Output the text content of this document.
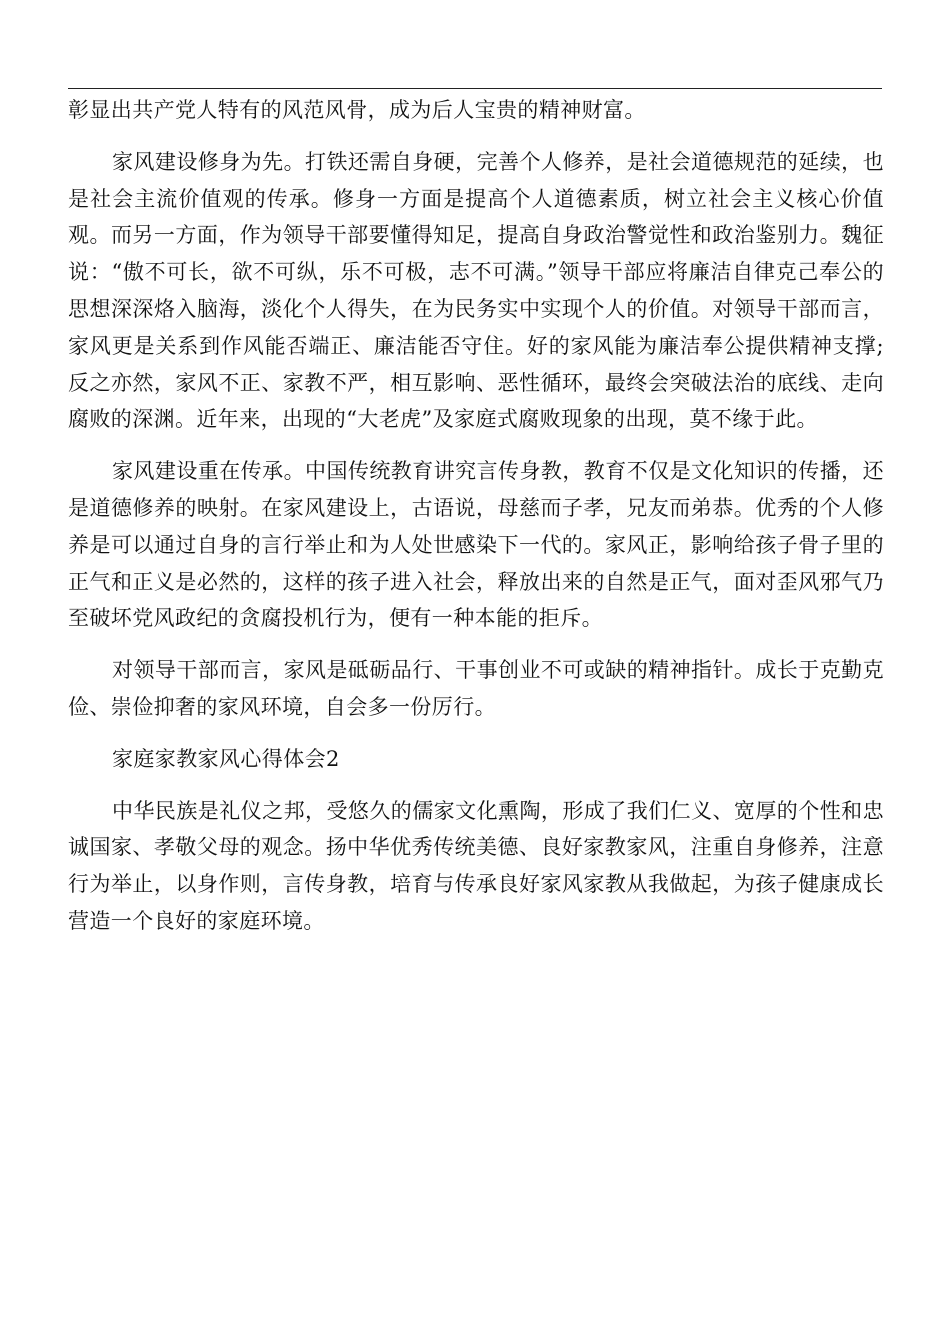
彰显出共产党人特有的风范风骨，成为后人宝贵的精神财富。

家风建设修身为先。打铁还需自身硬，完善个人修养，是社会道德规范的延续，也是社会主流价值观的传承。修身一方面是提高个人道德素质，树立社会主义核心价值观。而另一方面，作为领导干部要懂得知足，提高自身政治警觉性和政治鉴别力。魏征说：“傲不可长，欲不可纵，乐不可极，志不可满。”领导干部应将廉洁自律克己奉公的思想深深烙入脑海，淡化个人得失，在为民务实中实现个人的价值。对领导干部而言，家风更是关系到作风能否端正、廉洁能否守住。好的家风能为廉洁奉公提供精神支撑;反之亦然，家风不正、家教不严，相互影响、恶性循环，最终会突破法治的底线、走向腐败的深渊。近年来，出现的“大老虎”及家庭式腐败现象的出现，莫不缘于此。

家风建设重在传承。中国传统教育讲究言传身教，教育不仅是文化知识的传播，还是道德修养的映射。在家风建设上，古语说，母慈而子孝，兄友而弟恭。优秀的个人修养是可以通过自身的言行举止和为人处世感染下一代的。家风正，影响给孩子骨子里的正气和正义是必然的，这样的孩子进入社会，释放出来的自然是正气，面对歪风邪气乃至破坏党风政纪的贪腐投机行为，便有一种本能的拒斥。

对领导干部而言，家风是砥砺品行、干事创业不可或缺的精神指针。成长于克勤克俭、崇俭抑奢的家风环境，自会多一份厉行。

家庭家教家风心得体会2

中华民族是礼仪之邦，受悠久的儒家文化熏陶，形成了我们仁义、宽厚的个性和忠诚国家、孝敬父母的观念。扬中华优秀传统美德、良好家教家风，注重自身修养，注意行为举止，以身作则，言传身教，培育与传承良好家风家教从我做起，为孩子健康成长营造一个良好的家庭环境。
